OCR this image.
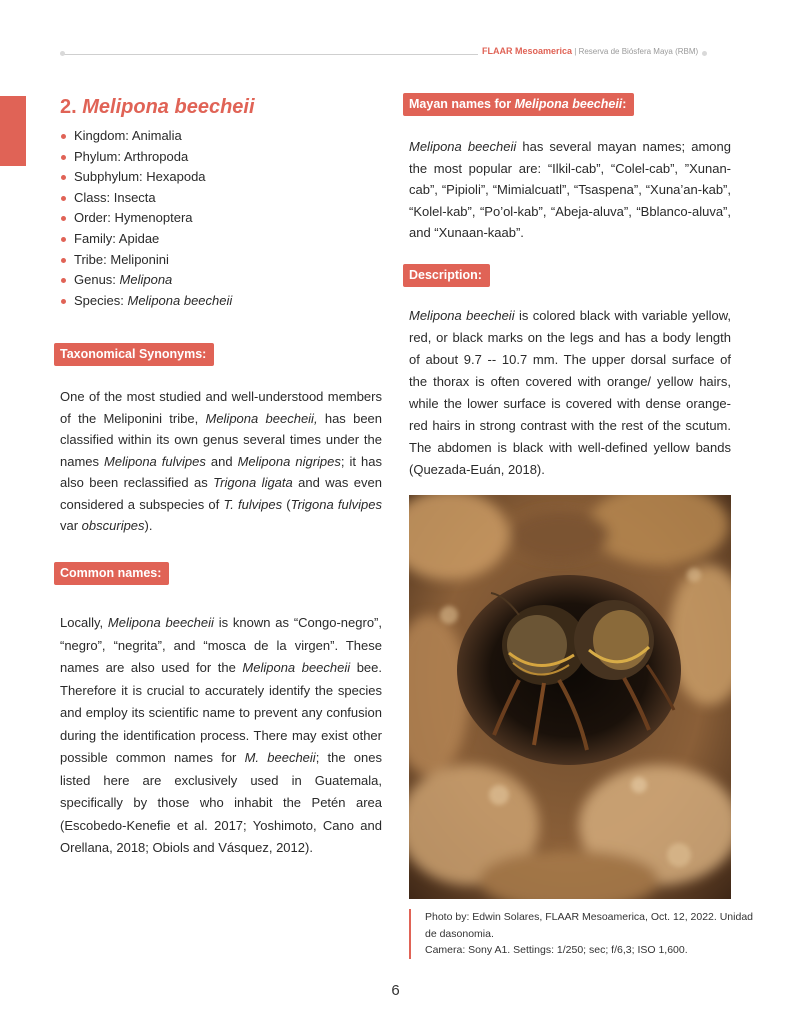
FLAAR Mesoamerica | Reserva de Biósfera Maya (RBM)
2. Melipona beecheii
Kingdom: Animalia
Phylum: Arthropoda
Subphylum: Hexapoda
Class: Insecta
Order: Hymenoptera
Family: Apidae
Tribe: Meliponini
Genus: Melipona
Species: Melipona beecheii
Taxonomical Synonyms:

One of the most studied and well-understood members of the Meliponini tribe, Melipona beecheii, has been classified within its own genus several times under the names Melipona fulvipes and Melipona nigripes; it has also been reclassified as Trigona ligata and was even considered a subspecies of T. fulvipes (Trigona fulvipes var obscuripes).

Common names:

Locally, Melipona beecheii is known as “Congo-negro”, “negro”, “negrita”, and “mosca de la virgen”. These names are also used for the Melipona beecheii bee. Therefore it is crucial to accurately identify the species and employ its scientific name to prevent any confusion during the identification process. There may exist other possible common names for M. beecheii; the ones listed here are exclusively used in Guatemala, specifically by those who inhabit the Petén area (Escobedo-Kenefie et al. 2017; Yoshimoto, Cano and Orellana, 2018; Obiols and Vásquez, 2012).

Mayan names for Melipona beecheii:

Melipona beecheii has several mayan names; among the most popular are: “Ilkil-cab”, “Colel-cab”, ”Xunan-cab”, “Pipioli”, “Mimialcuatl”, “Tsaspena”, “Xuna’an-kab”, “Kolel-kab”, “Po’ol-kab”, “Abeja-aluva”, “Bblanco-aluva”, and “Xunaan-kaab”.

Description:

Melipona beecheii is colored black with variable yellow, red, or black marks on the legs and has a body length of about 9.7 -- 10.7 mm. The upper dorsal surface of the thorax is often covered with orange/ yellow hairs, while the lower surface is covered with dense orange-red hairs in strong contrast with the rest of the scutum. The abdomen is black with well-defined yellow bands (Quezada-Euán, 2018).

Photo by: Edwin Solares, FLAAR Mesoamerica, Oct. 12, 2022. Unidad de dasonomia.

Camera: Sony A1. Settings: 1/250; sec; f/6,3; ISO 1,600.

6
